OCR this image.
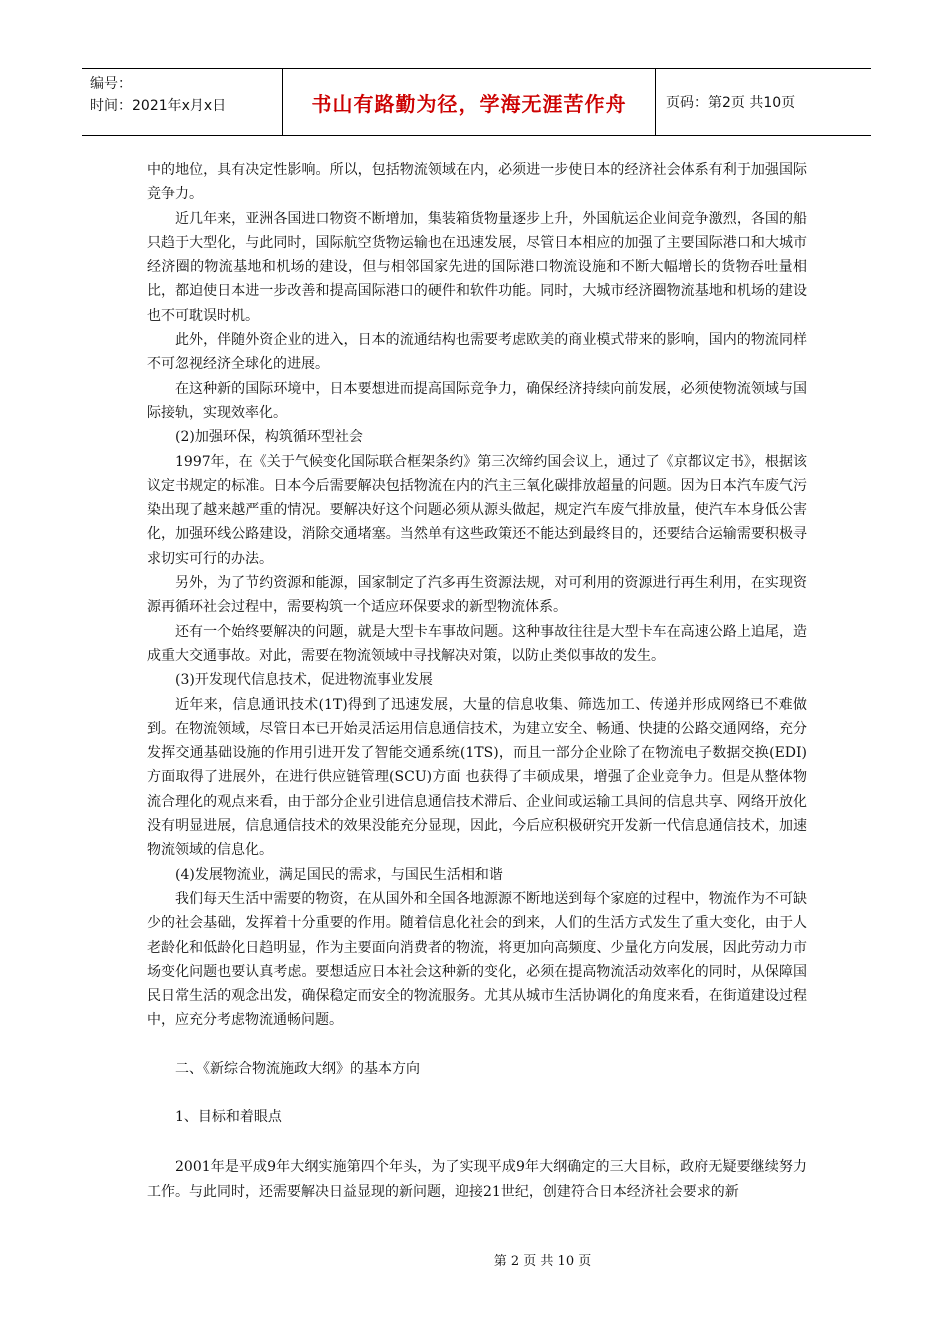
编号：
时间：2021年x月x日	书山有路勤为径，学海无涯苦作舟	页码：第2页 共10页

中的地位，具有决定性影响。所以，包括物流领域在内，必须进一步使日本的经济社会体系有利于加强国际竞争力。

近几年来，亚洲各国进口物资不断增加，集装箱货物量逐步上升，外国航运企业间竞争激烈，各国的船只趋于大型化，与此同时，国际航空货物运输也在迅速发展，尽管日本相应的加强了主要国际港口和大城市经济圈的物流基地和机场的建设，但与相邻国家先进的国际港口物流设施和不断大幅增长的货物吞吐量相比，都迫使日本进一步改善和提高国际港口的硬件和软件功能。同时，大城市经济圈物流基地和机场的建设也不可耽误时机。

此外，伴随外资企业的进入，日本的流通结构也需要考虑欧美的商业模式带来的影响，国内的物流同样不可忽视经济全球化的进展。

在这种新的国际环境中，日本要想进而提高国际竞争力，确保经济持续向前发展，必须使物流领域与国际接轨，实现效率化。

(2)加强环保，构筑循环型社会

1997年，在《关于气候变化国际联合框架条约》第三次缔约国会议上，通过了《京都议定书》，根据该议定书规定的标准。日本今后需要解决包括物流在内的汽主三氧化碳排放超量的问题。因为日本汽车废气污染出现了越来越严重的情况。要解决好这个问题必须从源头做起，规定汽车废气排放量，使汽车本身低公害化，加强环线公路建设，消除交通堵塞。当然单有这些政策还不能达到最终目的，还要结合运输需要积极寻求切实可行的办法。

另外，为了节约资源和能源，国家制定了汽多再生资源法规，对可利用的资源进行再生利用，在实现资源再循环社会过程中，需要构筑一个适应环保要求的新型物流体系。

还有一个始终要解决的问题，就是大型卡车事故问题。这种事故往往是大型卡车在高速公路上追尾，造成重大交通事故。对此，需要在物流领域中寻找解决对策，以防止类似事故的发生。

(3)开发现代信息技术，促进物流事业发展

近年来，信息通讯技术(1T)得到了迅速发展，大量的信息收集、筛选加工、传递并形成网络已不难做到。在物流领域，尽管日本已开始灵活运用信息通信技术，为建立安全、畅通、快捷的公路交通网络，充分发挥交通基础设施的作用引进开发了智能交通系统(1TS)，而且一部分企业除了在物流电子数据交换(EDI)方面取得了进展外，在进行供应链管理(SCU)方面 也获得了丰硕成果，增强了企业竞争力。但是从整体物流合理化的观点来看，由于部分企业引进信息通信技术滞后、企业间或运输工具间的信息共享、网络开放化没有明显进展，信息通信技术的效果没能充分显现，因此，今后应积极研究开发新一代信息通信技术，加速物流领域的信息化。

(4)发展物流业，满足国民的需求，与国民生活相和谐

我们每天生活中需要的物资，在从国外和全国各地源源不断地送到每个家庭的过程中，物流作为不可缺少的社会基础，发挥着十分重要的作用。随着信息化社会的到来，人们的生活方式发生了重大变化，由于人老龄化和低龄化日趋明显，作为主要面向消费者的物流，将更加向高频度、少量化方向发展，因此劳动力市场变化问题也要认真考虑。要想适应日本社会这种新的变化，必须在提高物流活动效率化的同时，从保障国民日常生活的观念出发，确保稳定而安全的物流服务。尤其从城市生活协调化的角度来看，在街道建设过程中，应充分考虑物流通畅问题。

二、《新综合物流施政大纲》的基本方向

1、目标和着眼点

2001年是平成9年大纲实施第四个年头，为了实现平成9年大纲确定的三大目标，政府无疑要继续努力工作。与此同时，还需要解决日益显现的新问题，迎接21世纪，创建符合日本经济社会要求的新

第 2 页 共 10 页
